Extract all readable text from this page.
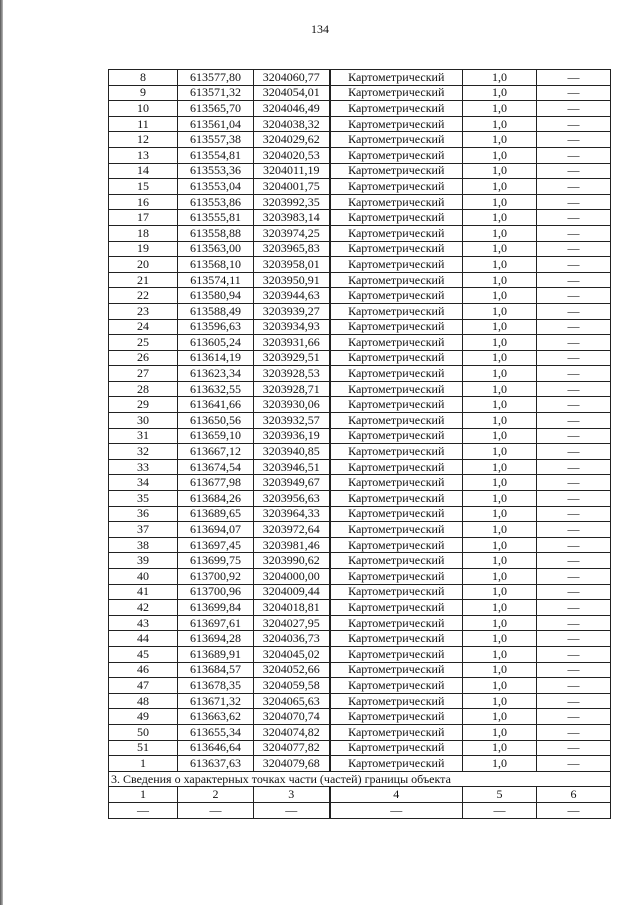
134
8	613577,80	3204060,77	Картометрический	1,0	—
9	613571,32	3204054,01	Картометрический	1,0	—
10	613565,70	3204046,49	Картометрический	1,0	—
11	613561,04	3204038,32	Картометрический	1,0	—
12	613557,38	3204029,62	Картометрический	1,0	—
13	613554,81	3204020,53	Картометрический	1,0	—
14	613553,36	3204011,19	Картометрический	1,0	—
15	613553,04	3204001,75	Картометрический	1,0	—
16	613553,86	3203992,35	Картометрический	1,0	—
17	613555,81	3203983,14	Картометрический	1,0	—
18	613558,88	3203974,25	Картометрический	1,0	—
19	613563,00	3203965,83	Картометрический	1,0	—
20	613568,10	3203958,01	Картометрический	1,0	—
21	613574,11	3203950,91	Картометрический	1,0	—
22	613580,94	3203944,63	Картометрический	1,0	—
23	613588,49	3203939,27	Картометрический	1,0	—
24	613596,63	3203934,93	Картометрический	1,0	—
25	613605,24	3203931,66	Картометрический	1,0	—
26	613614,19	3203929,51	Картометрический	1,0	—
27	613623,34	3203928,53	Картометрический	1,0	—
28	613632,55	3203928,71	Картометрический	1,0	—
29	613641,66	3203930,06	Картометрический	1,0	—
30	613650,56	3203932,57	Картометрический	1,0	—
31	613659,10	3203936,19	Картометрический	1,0	—
32	613667,12	3203940,85	Картометрический	1,0	—
33	613674,54	3203946,51	Картометрический	1,0	—
34	613677,98	3203949,67	Картометрический	1,0	—
35	613684,26	3203956,63	Картометрический	1,0	—
36	613689,65	3203964,33	Картометрический	1,0	—
37	613694,07	3203972,64	Картометрический	1,0	—
38	613697,45	3203981,46	Картометрический	1,0	—
39	613699,75	3203990,62	Картометрический	1,0	—
40	613700,92	3204000,00	Картометрический	1,0	—
41	613700,96	3204009,44	Картометрический	1,0	—
42	613699,84	3204018,81	Картометрический	1,0	—
43	613697,61	3204027,95	Картометрический	1,0	—
44	613694,28	3204036,73	Картометрический	1,0	—
45	613689,91	3204045,02	Картометрический	1,0	—
46	613684,57	3204052,66	Картометрический	1,0	—
47	613678,35	3204059,58	Картометрический	1,0	—
48	613671,32	3204065,63	Картометрический	1,0	—
49	613663,62	3204070,74	Картометрический	1,0	—
50	613655,34	3204074,82	Картометрический	1,0	—
51	613646,64	3204077,82	Картометрический	1,0	—
1	613637,63	3204079,68	Картометрический	1,0	—
3. Сведения о характерных точках части (частей) границы объекта					
1	2	3	4	5	6
—	—	—	—	—	—
